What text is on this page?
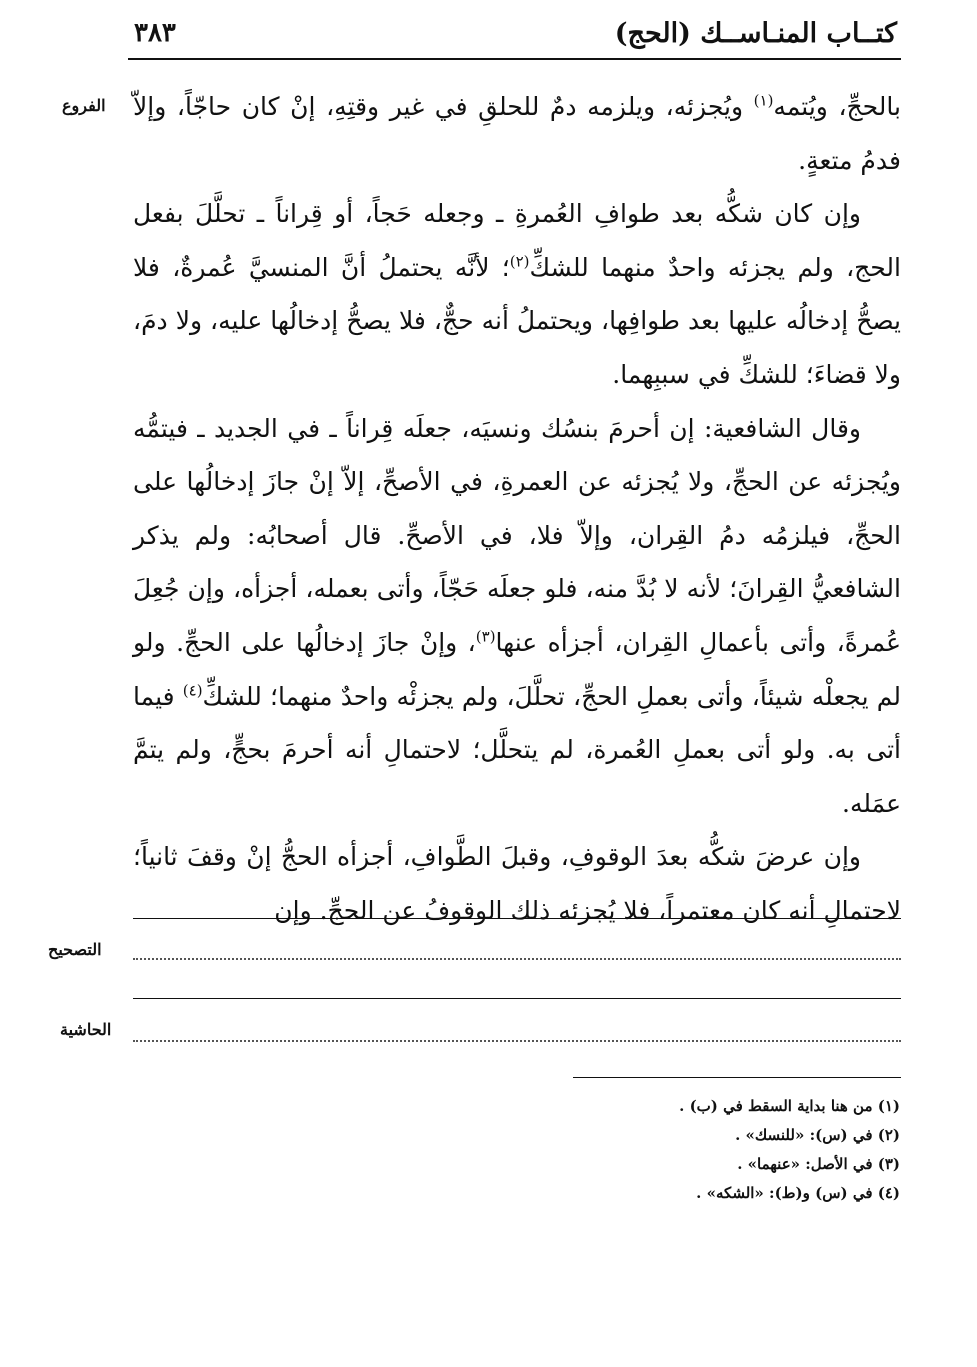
كتــاب المنـاســك (الحج)
٣٨٣
الفروع	بالحجِّ، ويُتمه$^{(١)}$ ويُجزئه، ويلزمه دمٌ للحلقِ في غير وقتِهِ، إنْ كان حاجّاً، وإلاّ فدمُ متعةٍ.

وإن كان شكُّه بعد طوافِ العُمرةِ ـ وجعله حَجاً، أو قِراناً ـ تحلَّلَ بفعل الحج، ولم يجزئه واحدٌ منهما للشكِّ$^{(٢)}$؛ لأنَّه يحتملُ أنَّ المنسيَّ عُمرةٌ، فلا يصحُّ إدخالُه عليها بعد طوافِها، ويحتملُ أنه حجٌّ، فلا يصحُّ إدخالُها عليه، ولا دمَ، ولا قضاءَ؛ للشكِّ في سببِهما.

وقال الشافعية: إن أحرمَ بنسُك ونسيَه، جعلَه قِراناً ـ في الجديد ـ فيتمُّه ويُجزئه عن الحجِّ، ولا يُجزئه عن العمرةِ، في الأصحِّ، إلاّ إنْ جازَ إدخالُها على الحجِّ، فيلزمُه دمُ القِران، وإلاّ فلا، في الأصحِّ. قال أصحابُه: ولم يذكر الشافعيُّ القِرانَ؛ لأنه لا بُدَّ منه، فلو جعلَه حَجّاً، وأتى بعمله، أجزأه، وإن جُعِلَ عُمرةً، وأتى بأعمالِ القِران، أجزأه عنها$^{(٣)}$، وإنْ جازَ إدخالُها على الحجِّ. ولو لم يجعلْه شيئاً، وأتى بعملِ الحجِّ، تحلَّلَ، ولم يجزئْه واحدٌ منهما؛ للشكِّ$^{(٤)}$ فيما أتى به. ولو أتى بعملِ العُمرة، لم يتحلَّل؛ لاحتمالِ أنه أحرمَ بحجٍّ، ولم يتمَّ عمَله.

وإن عرضَ شكُّه بعدَ الوقوفِ، وقبلَ الطَّوافِ، أجزأه الحجُّ إنْ وقفَ ثانياً؛ لاحتمالِ أنه كان معتمراً، فلا يُجزئه ذلك الوقوفُ عن الحجِّ. وإن

التصحيح
الحاشية
(١) من هنا بداية السقط في (ب) .
(٢) في (س): «للنسك» .
(٣) في الأصل: «عنهما» .
(٤) في (س) و(ط): «الشكه» .
